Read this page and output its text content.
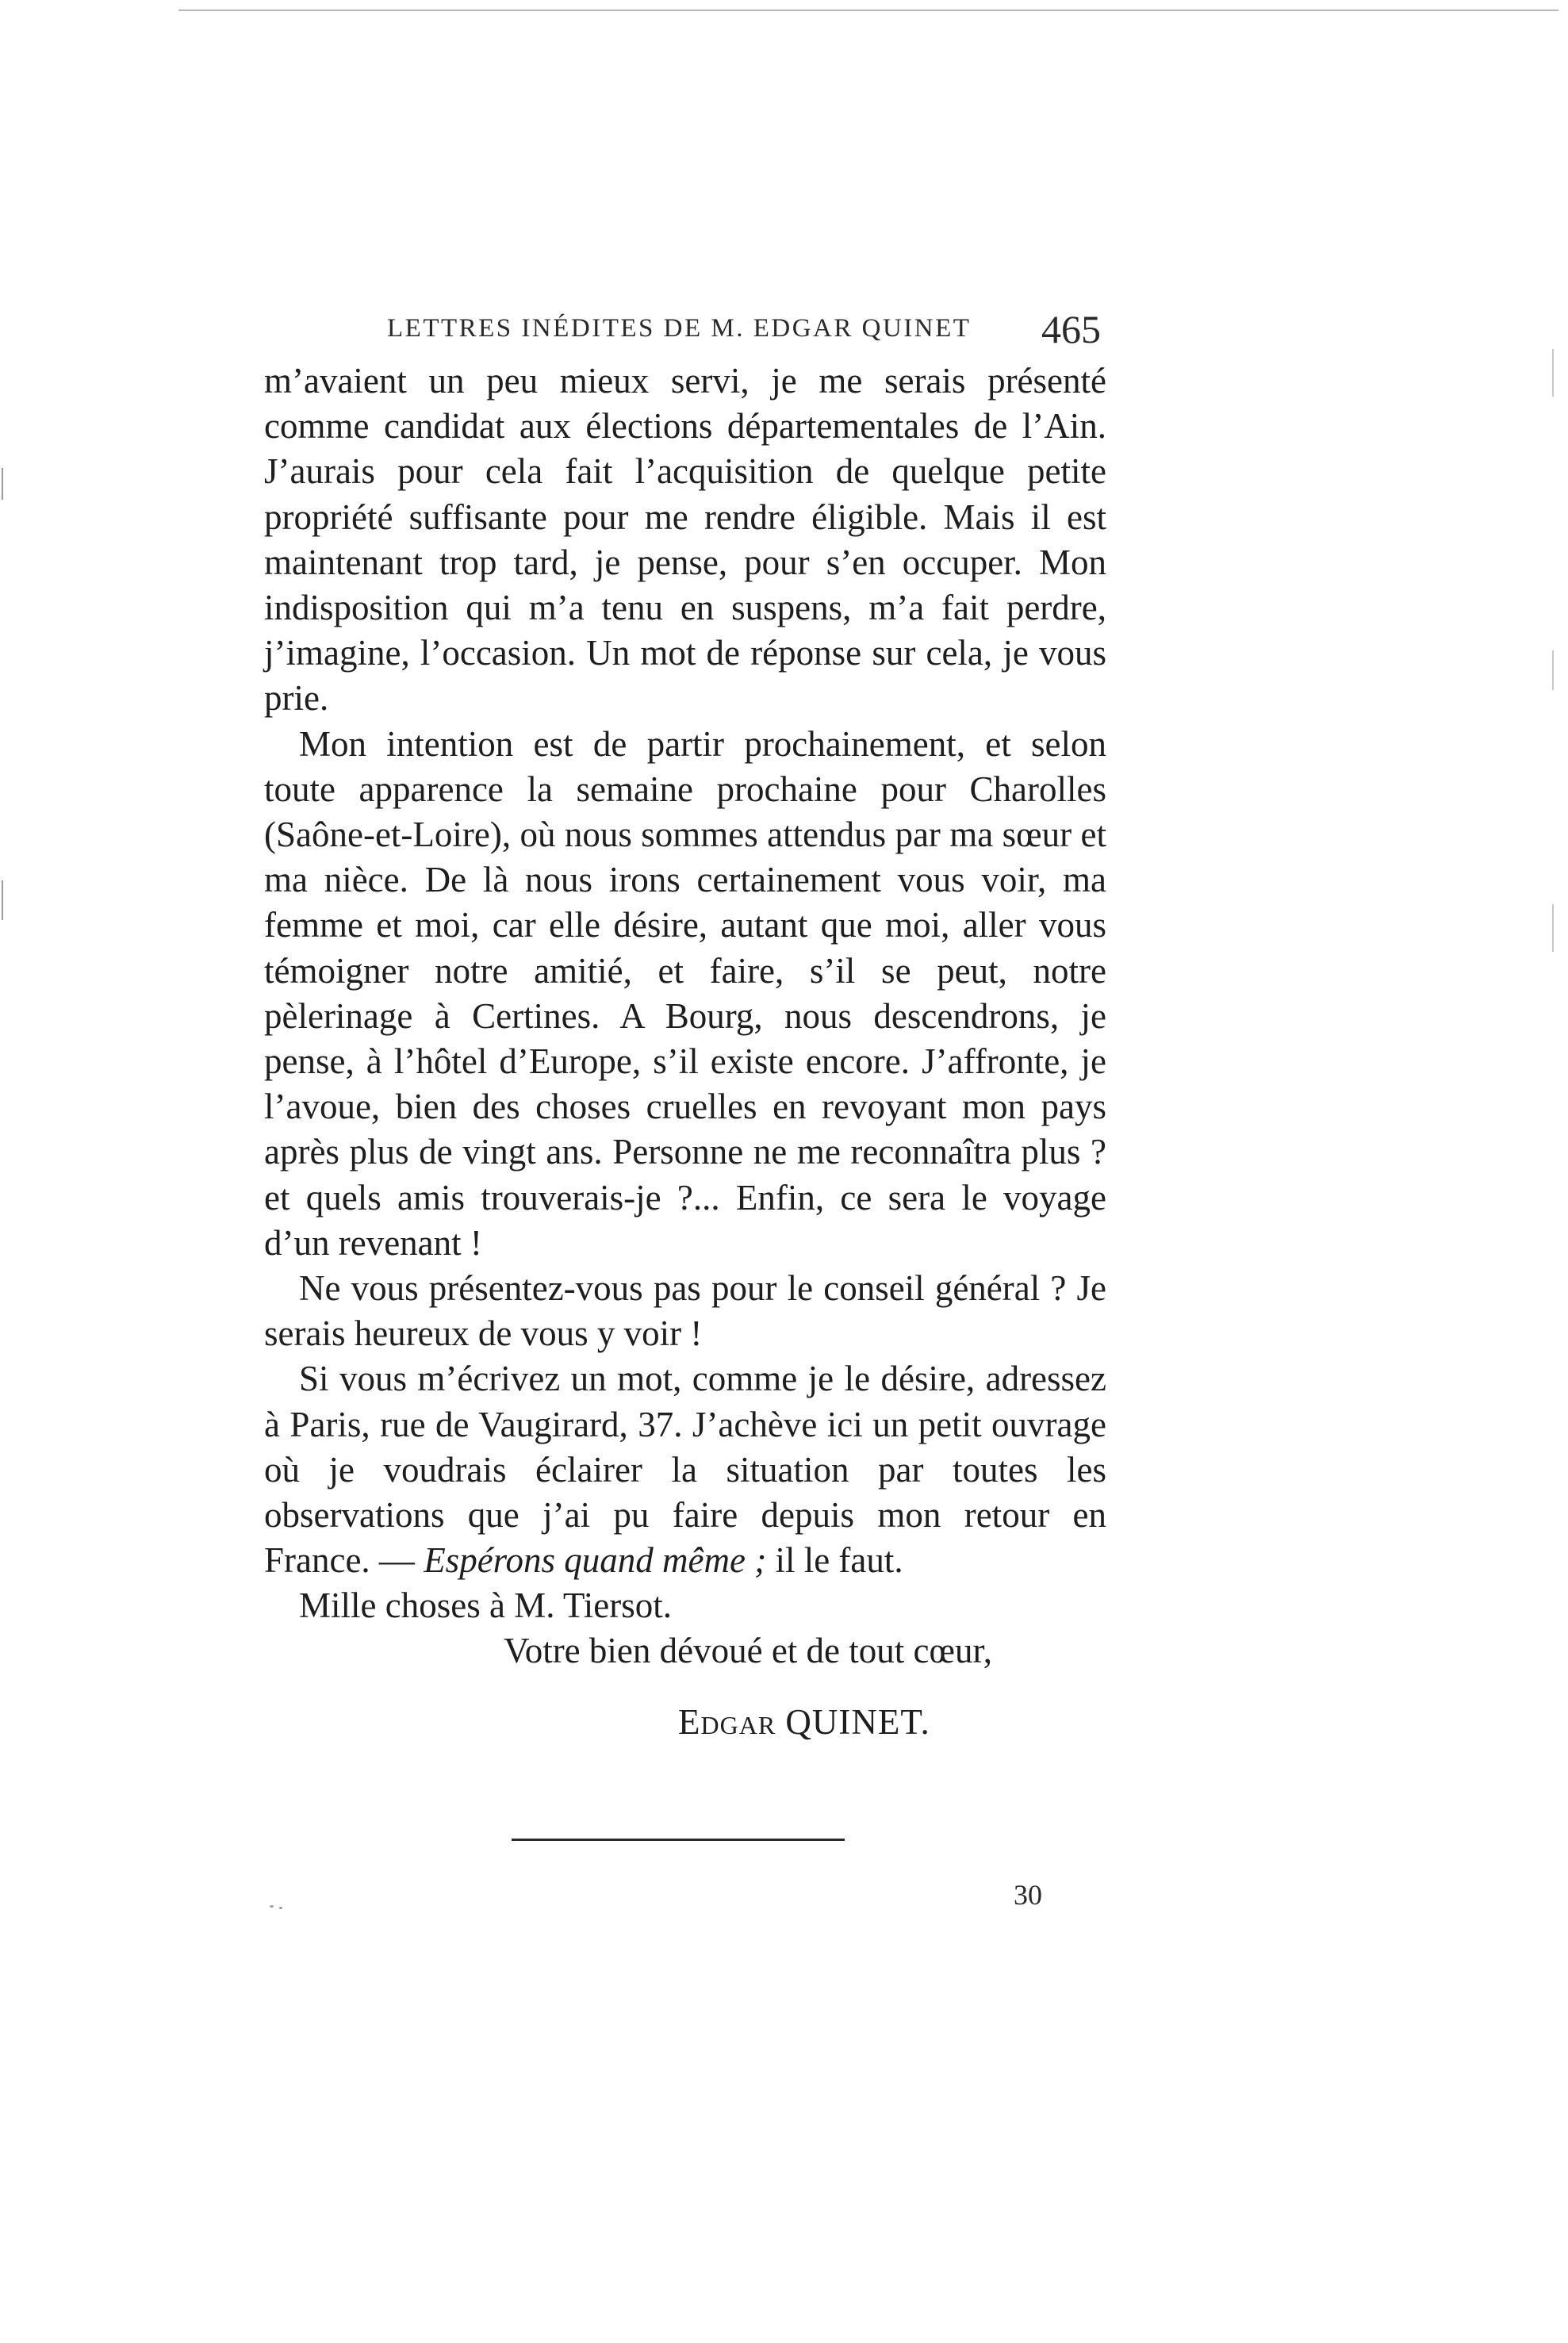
LETTRES INÉDITES DE M. EDGAR QUINET 465

m’avaient un peu mieux servi, je me serais présenté comme candidat aux élections départementales de l’Ain. J’aurais pour cela fait l’acquisition de quelque petite propriété suffisante pour me rendre éligible. Mais il est maintenant trop tard, je pense, pour s’en occuper. Mon indisposition qui m’a tenu en suspens, m’a fait perdre, j’imagine, l’occasion. Un mot de réponse sur cela, je vous prie.

Mon intention est de partir prochainement, et selon toute apparence la semaine prochaine pour Charolles (Saône-et-Loire), où nous sommes attendus par ma sœur et ma nièce. De là nous irons certainement vous voir, ma femme et moi, car elle désire, autant que moi, aller vous témoigner notre amitié, et faire, s’il se peut, notre pèlerinage à Certines. A Bourg, nous descendrons, je pense, à l’hôtel d’Europe, s’il existe encore. J’affronte, je l’avoue, bien des choses cruelles en revoyant mon pays après plus de vingt ans. Personne ne me reconnaîtra plus ? et quels amis trouverais-je ?... Enfin, ce sera le voyage d’un revenant !

Ne vous présentez-vous pas pour le conseil général ? Je serais heureux de vous y voir !

Si vous m’écrivez un mot, comme je le désire, adressez à Paris, rue de Vaugirard, 37. J’achève ici un petit ouvrage où je voudrais éclairer la situation par toutes les observations que j’ai pu faire depuis mon retour en France. — Espérons quand même ; il le faut.

Mille choses à M. Tiersot.

Votre bien dévoué et de tout cœur,
Edgar QUINET.
30
